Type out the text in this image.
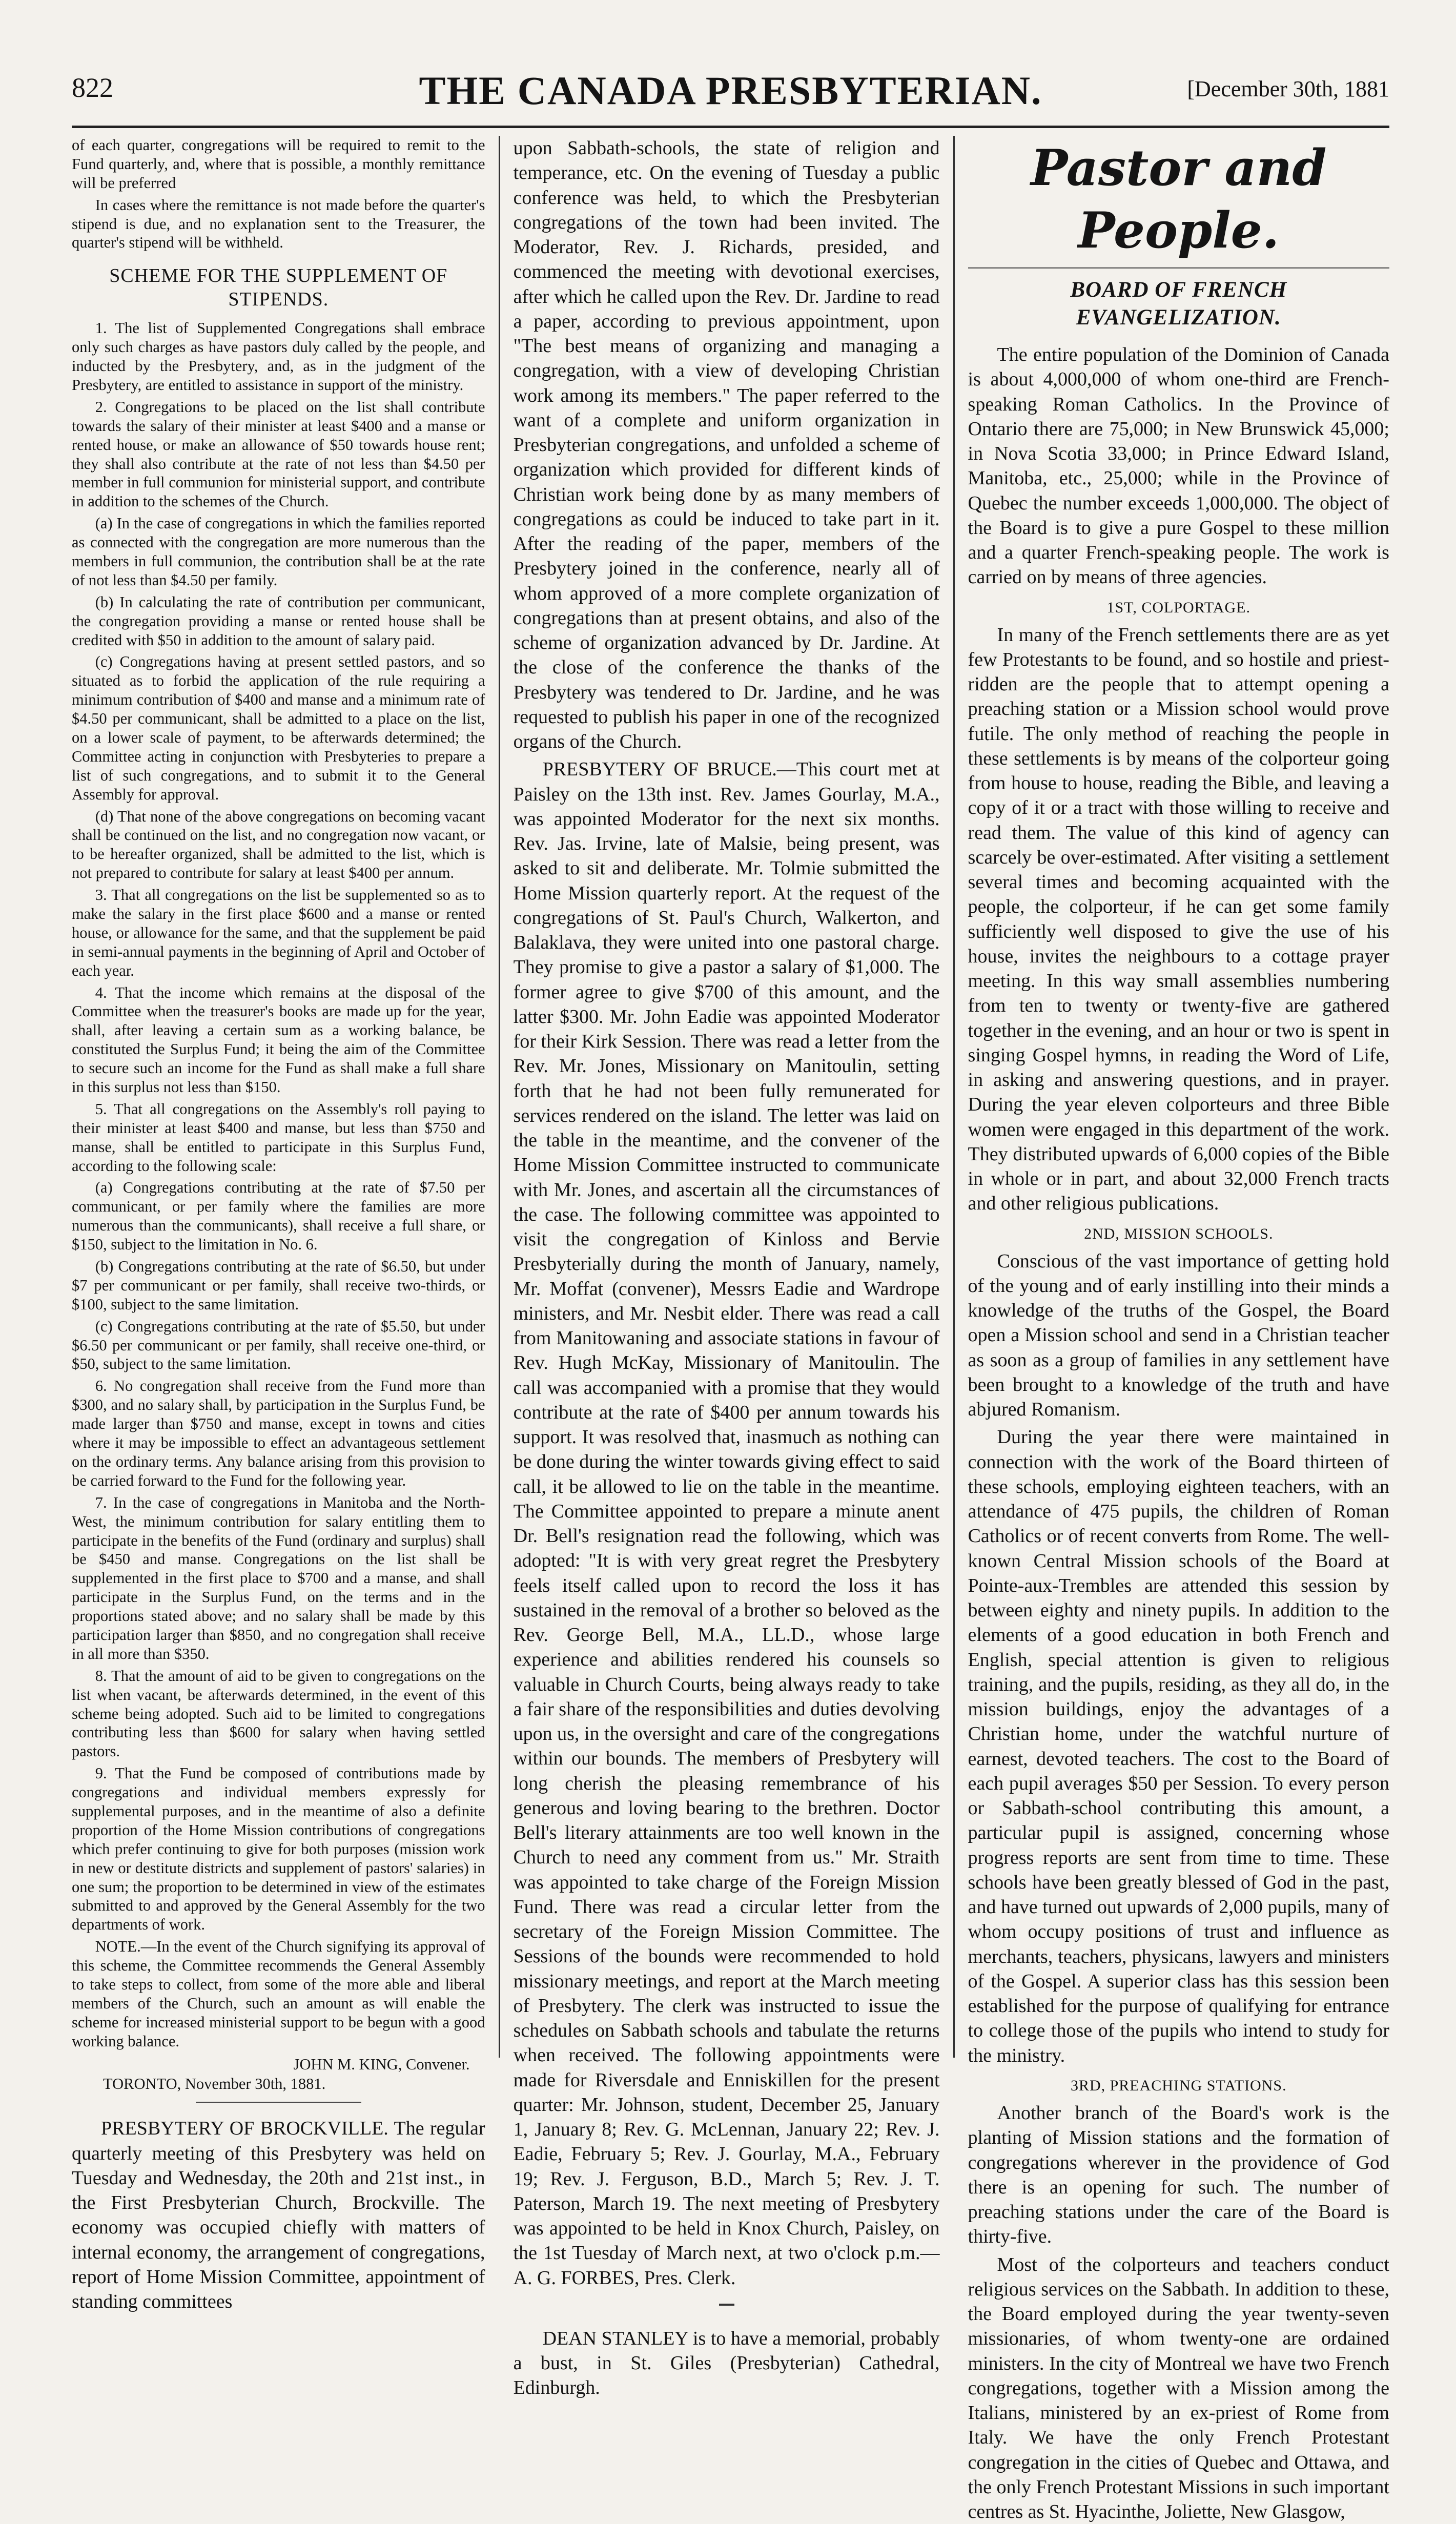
822	THE CANADA PRESBYTERIAN.	[December 30th, 1881

of each quarter, congregations will be required to remit to the Fund quarterly, and, where that is possible, a monthly remittance will be preferred

In cases where the remittance is not made before the quarter's stipend is due, and no explanation sent to the Treasurer, the quarter's stipend will be withheld.

SCHEME FOR THE SUPPLEMENT OF STIPENDS.

1. The list of Supplemented Congregations shall embrace only such charges as have pastors duly called by the people, and inducted by the Presbytery, and, as in the judgment of the Presbytery, are entitled to assistance in support of the ministry.

2. Congregations to be placed on the list shall contribute towards the salary of their minister at least $400 and a manse or rented house, or make an allowance of $50 towards house rent; they shall also contribute at the rate of not less than $4.50 per member in full communion for ministerial support, and contribute in addition to the schemes of the Church.

(a) In the case of congregations in which the families reported as connected with the congregation are more numerous than the members in full communion, the contribution shall be at the rate of not less than $4.50 per family.

(b) In calculating the rate of contribution per communicant, the congregation providing a manse or rented house shall be credited with $50 in addition to the amount of salary paid.

(c) Congregations having at present settled pastors, and so situated as to forbid the application of the rule requiring a minimum contribution of $400 and manse and a minimum rate of $4.50 per communicant, shall be admitted to a place on the list, on a lower scale of payment, to be afterwards determined; the Committee acting in conjunction with Presbyteries to prepare a list of such congregations, and to submit it to the General Assembly for approval.

(d) That none of the above congregations on becoming vacant shall be continued on the list, and no congregation now vacant, or to be hereafter organized, shall be admitted to the list, which is not prepared to contribute for salary at least $400 per annum.

3. That all congregations on the list be supplemented so as to make the salary in the first place $600 and a manse or rented house, or allowance for the same, and that the supplement be paid in semi-annual payments in the beginning of April and October of each year.

4. That the income which remains at the disposal of the Committee when the treasurer's books are made up for the year, shall, after leaving a certain sum as a working balance, be constituted the Surplus Fund; it being the aim of the Committee to secure such an income for the Fund as shall make a full share in this surplus not less than $150.

5. That all congregations on the Assembly's roll paying to their minister at least $400 and manse, but less than $750 and manse, shall be entitled to participate in this Surplus Fund, according to the following scale:

(a) Congregations contributing at the rate of $7.50 per communicant, or per family where the families are more numerous than the communicants), shall receive a full share, or $150, subject to the limitation in No. 6.

(b) Congregations contributing at the rate of $6.50, but under $7 per communicant or per family, shall receive two-thirds, or $100, subject to the same limitation.

(c) Congregations contributing at the rate of $5.50, but under $6.50 per communicant or per family, shall receive one-third, or $50, subject to the same limitation.

6. No congregation shall receive from the Fund more than $300, and no salary shall, by participation in the Surplus Fund, be made larger than $750 and manse, except in towns and cities where it may be impossible to effect an advantageous settlement on the ordinary terms. Any balance arising from this provision to be carried forward to the Fund for the following year.

7. In the case of congregations in Manitoba and the North-West, the minimum contribution for salary entitling them to participate in the benefits of the Fund (ordinary and surplus) shall be $450 and manse. Congregations on the list shall be supplemented in the first place to $700 and a manse, and shall participate in the Surplus Fund, on the terms and in the proportions stated above; and no salary shall be made by this participation larger than $850, and no congregation shall receive in all more than $350.

8. That the amount of aid to be given to congregations on the list when vacant, be afterwards determined, in the event of this scheme being adopted. Such aid to be limited to congregations contributing less than $600 for salary when having settled pastors.

9. That the Fund be composed of contributions made by congregations and individual members expressly for supplemental purposes, and in the meantime of also a definite proportion of the Home Mission contributions of congregations which prefer continuing to give for both purposes (mission work in new or destitute districts and supplement of pastors' salaries) in one sum; the proportion to be determined in view of the estimates submitted to and approved by the General Assembly for the two departments of work.

NOTE.—In the event of the Church signifying its approval of this scheme, the Committee recommends the General Assembly to take steps to collect, from some of the more able and liberal members of the Church, such an amount as will enable the scheme for increased ministerial support to be begun with a good working balance.

JOHN M. KING, Convener.

TORONTO, November 30th, 1881.

PRESBYTERY OF BROCKVILLE. The regular quarterly meeting of this Presbytery was held on Tuesday and Wednesday, the 20th and 21st inst., in the First Presbyterian Church, Brockville. The economy was occupied chiefly with matters of internal economy, the arrangement of congregations, report of Home Mission Committee, appointment of standing committees

upon Sabbath-schools, the state of religion and temperance, etc. On the evening of Tuesday a public conference was held, to which the Presbyterian congregations of the town had been invited. The Moderator, Rev. J. Richards, presided, and commenced the meeting with devotional exercises, after which he called upon the Rev. Dr. Jardine to read a paper, according to previous appointment, upon "The best means of organizing and managing a congregation, with a view of developing Christian work among its members." The paper referred to the want of a complete and uniform organization in Presbyterian congregations, and unfolded a scheme of organization which provided for different kinds of Christian work being done by as many members of congregations as could be induced to take part in it. After the reading of the paper, members of the Presbytery joined in the conference, nearly all of whom approved of a more complete organization of congregations than at present obtains, and also of the scheme of organization advanced by Dr. Jardine. At the close of the conference the thanks of the Presbytery was tendered to Dr. Jardine, and he was requested to publish his paper in one of the recognized organs of the Church.

PRESBYTERY OF BRUCE.—This court met at Paisley on the 13th inst. Rev. James Gourlay, M.A., was appointed Moderator for the next six months. Rev. Jas. Irvine, late of Malsie, being present, was asked to sit and deliberate. Mr. Tolmie submitted the Home Mission quarterly report. At the request of the congregations of St. Paul's Church, Walkerton, and Balaklava, they were united into one pastoral charge. They promise to give a pastor a salary of $1,000. The former agree to give $700 of this amount, and the latter $300. Mr. John Eadie was appointed Moderator for their Kirk Session. There was read a letter from the Rev. Mr. Jones, Missionary on Manitoulin, setting forth that he had not been fully remunerated for services rendered on the island. The letter was laid on the table in the meantime, and the convener of the Home Mission Committee instructed to communicate with Mr. Jones, and ascertain all the circumstances of the case. The following committee was appointed to visit the congregation of Kinloss and Bervie Presbyterially during the month of January, namely, Mr. Moffat (convener), Messrs Eadie and Wardrope ministers, and Mr. Nesbit elder. There was read a call from Manitowaning and associate stations in favour of Rev. Hugh McKay, Missionary of Manitoulin. The call was accompanied with a promise that they would contribute at the rate of $400 per annum towards his support. It was resolved that, inasmuch as nothing can be done during the winter towards giving effect to said call, it be allowed to lie on the table in the meantime. The Committee appointed to prepare a minute anent Dr. Bell's resignation read the following, which was adopted: "It is with very great regret the Presbytery feels itself called upon to record the loss it has sustained in the removal of a brother so beloved as the Rev. George Bell, M.A., LL.D., whose large experience and abilities rendered his counsels so valuable in Church Courts, being always ready to take a fair share of the responsibilities and duties devolving upon us, in the oversight and care of the congregations within our bounds. The members of Presbytery will long cherish the pleasing remembrance of his generous and loving bearing to the brethren. Doctor Bell's literary attainments are too well known in the Church to need any comment from us." Mr. Straith was appointed to take charge of the Foreign Mission Fund. There was read a circular letter from the secretary of the Foreign Mission Committee. The Sessions of the bounds were recommended to hold missionary meetings, and report at the March meeting of Presbytery. The clerk was instructed to issue the schedules on Sabbath schools and tabulate the returns when received. The following appointments were made for Riversdale and Enniskillen for the present quarter: Mr. Johnson, student, December 25, January 1, January 8; Rev. G. McLennan, January 22; Rev. J. Eadie, February 5; Rev. J. Gourlay, M.A., February 19; Rev. J. Ferguson, B.D., March 5; Rev. J. T. Paterson, March 19. The next meeting of Presbytery was appointed to be held in Knox Church, Paisley, on the 1st Tuesday of March next, at two o'clock p.m.—A. G. FORBES, Pres. Clerk.

DEAN STANLEY is to have a memorial, probably a bust, in St. Giles (Presbyterian) Cathedral, Edinburgh.

Pastor and People.
BOARD OF FRENCH EVANGELIZATION.

The entire population of the Dominion of Canada is about 4,000,000 of whom one-third are French-speaking Roman Catholics. In the Province of Ontario there are 75,000; in New Brunswick 45,000; in Nova Scotia 33,000; in Prince Edward Island, Manitoba, etc., 25,000; while in the Province of Quebec the number exceeds 1,000,000. The object of the Board is to give a pure Gospel to these million and a quarter French-speaking people. The work is carried on by means of three agencies.

1ST, COLPORTAGE.

In many of the French settlements there are as yet few Protestants to be found, and so hostile and priest-ridden are the people that to attempt opening a preaching station or a Mission school would prove futile. The only method of reaching the people in these settlements is by means of the colporteur going from house to house, reading the Bible, and leaving a copy of it or a tract with those willing to receive and read them. The value of this kind of agency can scarcely be over-estimated. After visiting a settlement several times and becoming acquainted with the people, the colporteur, if he can get some family sufficiently well disposed to give the use of his house, invites the neighbours to a cottage prayer meeting. In this way small assemblies numbering from ten to twenty or twenty-five are gathered together in the evening, and an hour or two is spent in singing Gospel hymns, in reading the Word of Life, in asking and answering questions, and in prayer. During the year eleven colporteurs and three Bible women were engaged in this department of the work. They distributed upwards of 6,000 copies of the Bible in whole or in part, and about 32,000 French tracts and other religious publications.

2ND, MISSION SCHOOLS.

Conscious of the vast importance of getting hold of the young and of early instilling into their minds a knowledge of the truths of the Gospel, the Board open a Mission school and send in a Christian teacher as soon as a group of families in any settlement have been brought to a knowledge of the truth and have abjured Romanism.

During the year there were maintained in connection with the work of the Board thirteen of these schools, employing eighteen teachers, with an attendance of 475 pupils, the children of Roman Catholics or of recent converts from Rome. The well-known Central Mission schools of the Board at Pointe-aux-Trembles are attended this session by between eighty and ninety pupils. In addition to the elements of a good education in both French and English, special attention is given to religious training, and the pupils, residing, as they all do, in the mission buildings, enjoy the advantages of a Christian home, under the watchful nurture of earnest, devoted teachers. The cost to the Board of each pupil averages $50 per Session. To every person or Sabbath-school contributing this amount, a particular pupil is assigned, concerning whose progress reports are sent from time to time. These schools have been greatly blessed of God in the past, and have turned out upwards of 2,000 pupils, many of whom occupy positions of trust and influence as merchants, teachers, physicans, lawyers and ministers of the Gospel. A superior class has this session been established for the purpose of qualifying for entrance to college those of the pupils who intend to study for the ministry.

3RD, PREACHING STATIONS.

Another branch of the Board's work is the planting of Mission stations and the formation of congregations wherever in the providence of God there is an opening for such. The number of preaching stations under the care of the Board is thirty-five.

Most of the colporteurs and teachers conduct religious services on the Sabbath. In addition to these, the Board employed during the year twenty-seven missionaries, of whom twenty-one are ordained ministers. In the city of Montreal we have two French congregations, together with a Mission among the Italians, ministered by an ex-priest of Rome from Italy. We have the only French Protestant congregation in the cities of Quebec and Ottawa, and the only French Protestant Missions in such important centres as St. Hyacinthe, Joliette, New Glasgow,
